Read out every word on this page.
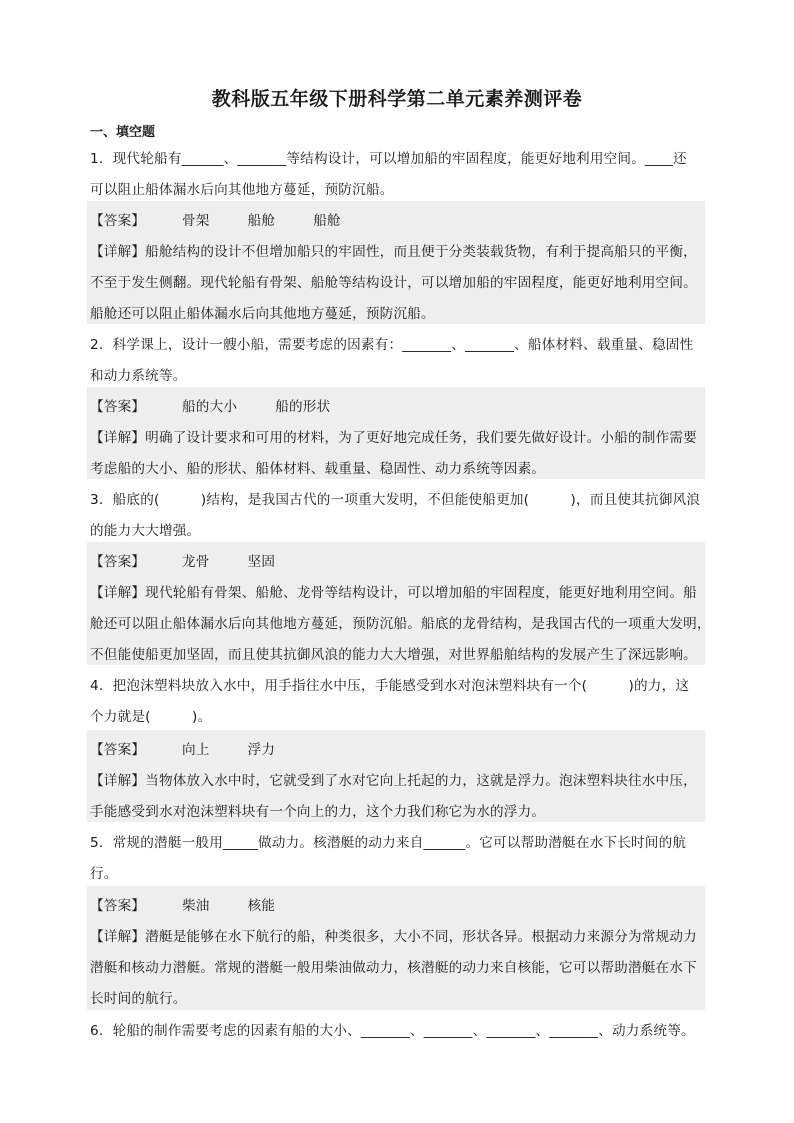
教科版五年级下册科学第二单元素养测评卷
一、填空题
1．现代轮船有______、_______等结构设计，可以增加船的牢固程度，能更好地利用空间。____还
可以阻止船体漏水后向其他地方蔓延，预防沉船。
【答案】	骨架	船舱	船舱
【详解】船舱结构的设计不但增加船只的牢固性，而且便于分类装载货物，有利于提高船只的平衡，
不至于发生侧翻。现代轮船有骨架、船舱等结构设计，可以增加船的牢固程度，能更好地利用空间。
船舱还可以阻止船体漏水后向其他地方蔓延，预防沉船。
2．科学课上，设计一艘小船，需要考虑的因素有：_______、_______、船体材料、载重量、稳固性
和动力系统等。
【答案】	船的大小	船的形状
【详解】明确了设计要求和可用的材料，为了更好地完成任务，我们要先做好设计。小船的制作需要
考虑船的大小、船的形状、船体材料、载重量、稳固性、动力系统等因素。
3．船底的(　　　)结构，是我国古代的一项重大发明，不但能使船更加(　　　)，而且使其抗御风浪
的能力大大增强。
【答案】	龙骨	坚固
【详解】现代轮船有骨架、船舱、龙骨等结构设计，可以增加船的牢固程度，能更好地利用空间。船
舱还可以阻止船体漏水后向其他地方蔓延，预防沉船。船底的龙骨结构，是我国古代的一项重大发明，
不但能使船更加坚固，而且使其抗御风浪的能力大大增强，对世界船舶结构的发展产生了深远影响。
4．把泡沫塑料块放入水中，用手指往水中压，手能感受到水对泡沫塑料块有一个(　　　)的力，这
个力就是(　　　)。
【答案】	向上	浮力
【详解】当物体放入水中时，它就受到了水对它向上托起的力，这就是浮力。泡沫塑料块往水中压，
手能感受到水对泡沫塑料块有一个向上的力，这个力我们称它为水的浮力。
5．常规的潜艇一般用_____做动力。核潜艇的动力来自______。它可以帮助潜艇在水下长时间的航
行。
【答案】	柴油	核能
【详解】潜艇是能够在水下航行的船，种类很多，大小不同，形状各异。根据动力来源分为常规动力
潜艇和核动力潜艇。常规的潜艇一般用柴油做动力，核潜艇的动力来自核能，它可以帮助潜艇在水下
长时间的航行。
6．轮船的制作需要考虑的因素有船的大小、_______、_______、_______、_______、动力系统等。
